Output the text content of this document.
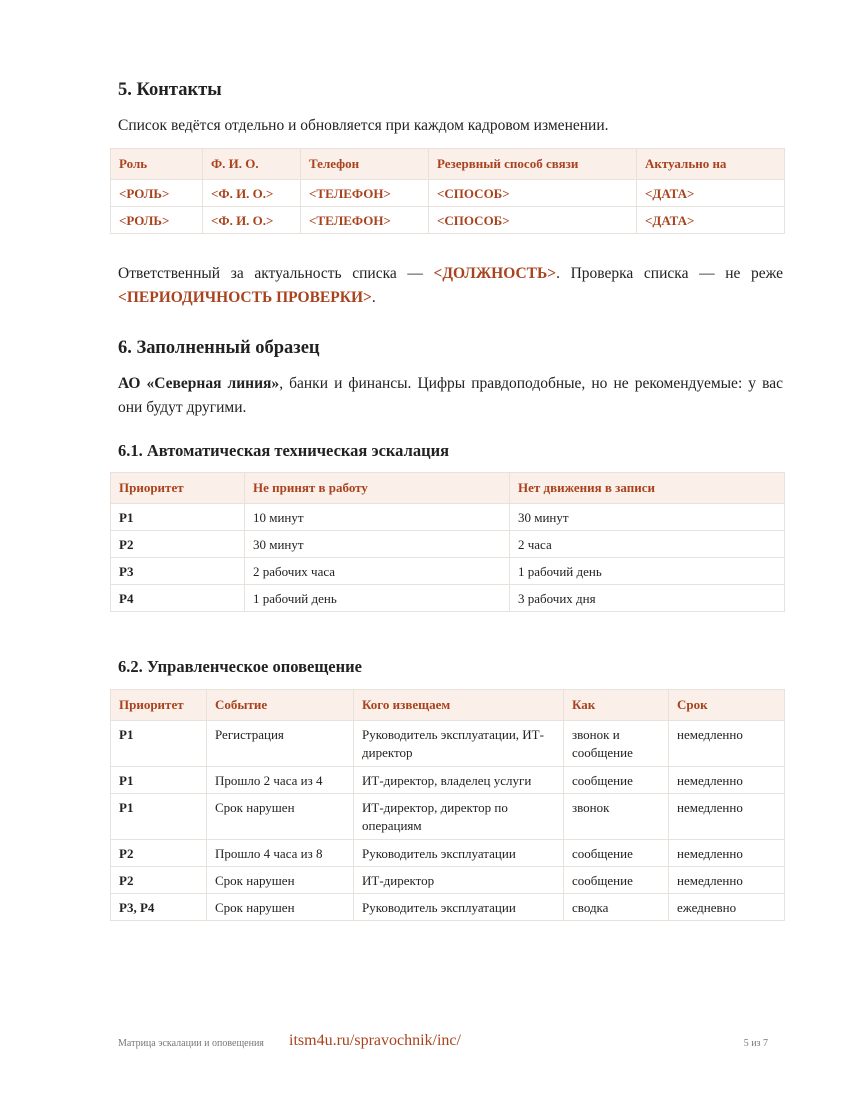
5. Контакты
Список ведётся отдельно и обновляется при каждом кадровом изменении.
Роль	Ф. И. О.	Телефон	Резервный способ связи	Актуально на
<РОЛЬ>	<Ф. И. О.>	<ТЕЛЕФОН>	<СПОСОБ>	<ДАТА>
<РОЛЬ>	<Ф. И. О.>	<ТЕЛЕФОН>	<СПОСОБ>	<ДАТА>
Ответственный за актуальность списка — <ДОЛЖНОСТЬ>. Проверка списка — не реже
<ПЕРИОДИЧНОСТЬ ПРОВЕРКИ>.
6. Заполненный образец
АО «Северная линия», банки и финансы. Цифры правдоподобные, но не рекомендуемые: у вас они будут другими.
6.1. Автоматическая техническая эскалация
Приоритет	Не принят в работу	Нет движения в записи
P1	10 минут	30 минут
P2	30 минут	2 часа
P3	2 рабочих часа	1 рабочий день
P4	1 рабочий день	3 рабочих дня
6.2. Управленческое оповещение
Приоритет	Событие	Кого извещаем	Как	Срок
P1	Регистрация	Руководитель эксплуатации, ИТ-директор	звонок и сообщение	немедленно
P1	Прошло 2 часа из 4	ИТ-директор, владелец услуги	сообщение	немедленно
P1	Срок нарушен	ИТ-директор, директор по операциям	звонок	немедленно
P2	Прошло 4 часа из 8	Руководитель эксплуатации	сообщение	немедленно
P2	Срок нарушен	ИТ-директор	сообщение	немедленно
P3, P4	Срок нарушен	Руководитель эксплуатации	сводка	ежедневно
Матрица эскалации и оповещения itsm4u.ru/spravochnik/inc/	5 из 7
